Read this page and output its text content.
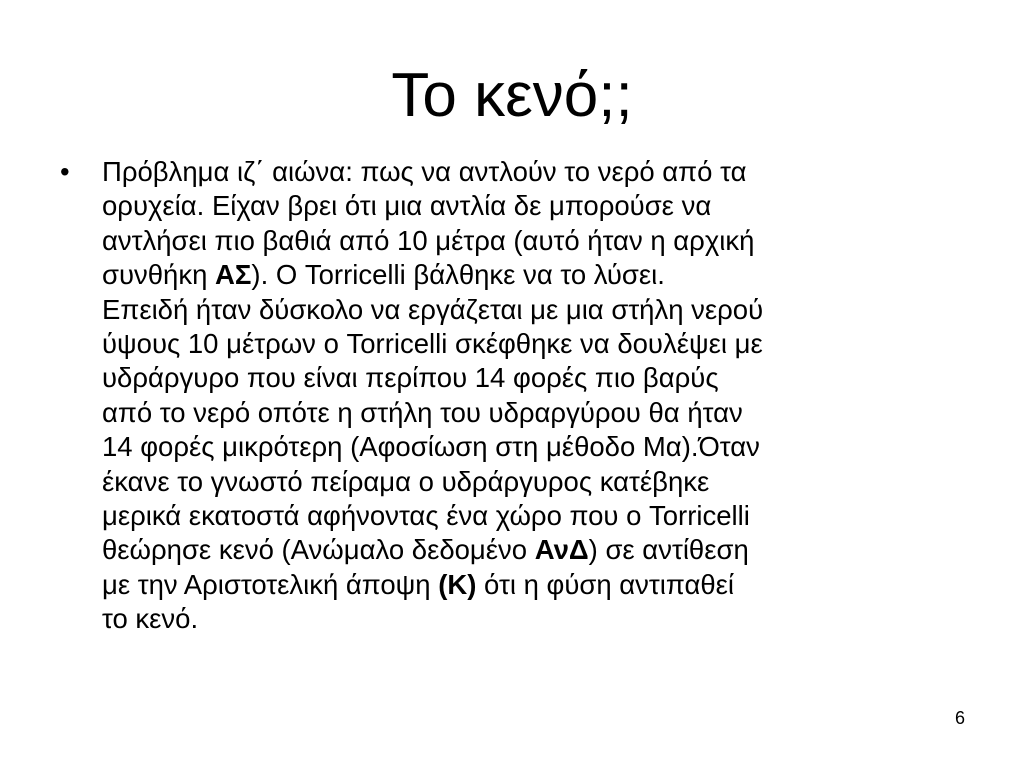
Το κενό;;
• Πρόβλημα ιζ΄ αιώνα: πως να αντλούν το νερό από τα
ορυχεία. Είχαν βρει ότι μια αντλία δε μπορούσε να
αντλήσει πιο βαθιά από 10 μέτρα (αυτό ήταν η αρχική
συνθήκη ΑΣ). Ο Torricelli βάλθηκε να το λύσει.
Επειδή ήταν δύσκολο να εργάζεται με μια στήλη νερού
ύψους 10 μέτρων ο Torricelli σκέφθηκε να δουλέψει με
υδράργυρο που είναι περίπου 14 φορές πιο βαρύς
από το νερό οπότε η στήλη του υδραργύρου θα ήταν
14 φορές μικρότερη (Αφοσίωση στη μέθοδο Μα).Όταν
έκανε το γνωστό πείραμα ο υδράργυρος κατέβηκε
μερικά εκατοστά αφήνοντας ένα χώρο που ο Torricelli
θεώρησε κενό (Ανώμαλο δεδομένο ΑνΔ) σε αντίθεση
με την Αριστοτελική άποψη (Κ) ότι η φύση αντιπαθεί
το κενό.
6
